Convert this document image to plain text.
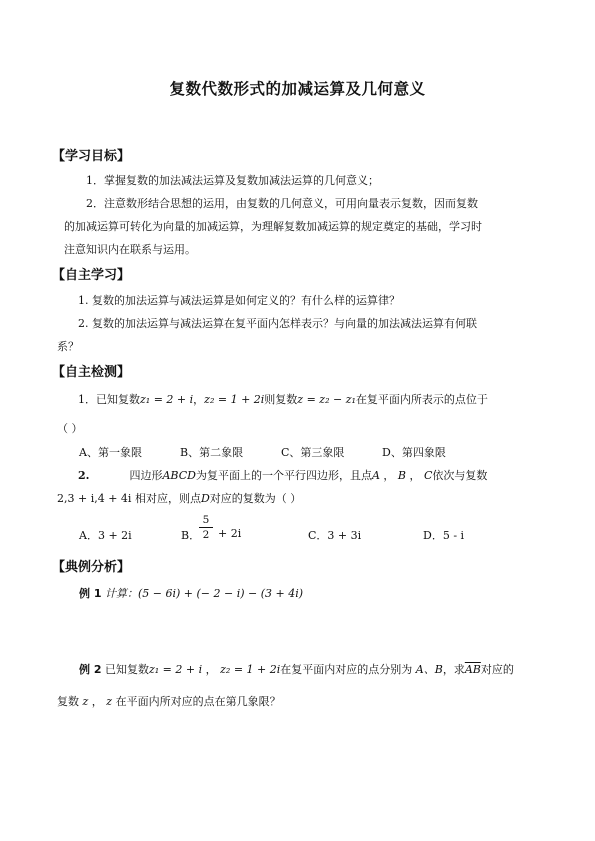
复数代数形式的加减运算及几何意义
【学习目标】
1．掌握复数的加法减法运算及复数加减法运算的几何意义；
2．注意数形结合思想的运用，由复数的几何意义，可用向量表示复数，因而复数
的加减运算可转化为向量的加减运算，为理解复数加减运算的规定奠定的基础，学习时
注意知识内在联系与运用。
【自主学习】
1. 复数的加法运算与减法运算是如何定义的？有什么样的运算律？
2. 复数的加法运算与减法运算在复平面内怎样表示？与向量的加法减法运算有何联
系？
【自主检测】
1．已知复数z₁ = 2 + i，z₂ = 1 + 2i则复数z = z₂ − z₁在复平面内所表示的点位于
（ ）
A、第一象限	B、第二象限	C、第三象限	D、第四象限
2.	四边形ABCD为复平面上的一个平行四边形，且点A ， B ， C依次与复数
2,3 + i,4 + 4i 相对应，则点D对应的复数为（ ）
A．3 + 2i	B．
5
2 + 2i	C．3 + 3i	D．5 - i
【典例分析】
例 1 计算：(5 − 6i) + (− 2 − i) − (3 + 4i)
例 2 已知复数z₁ = 2 + i ， z₂ = 1 + 2i在复平面内对应的点分别为 A、B，求$\overline{AB}$对应的
复数 z ， z 在平面内所对应的点在第几象限？
